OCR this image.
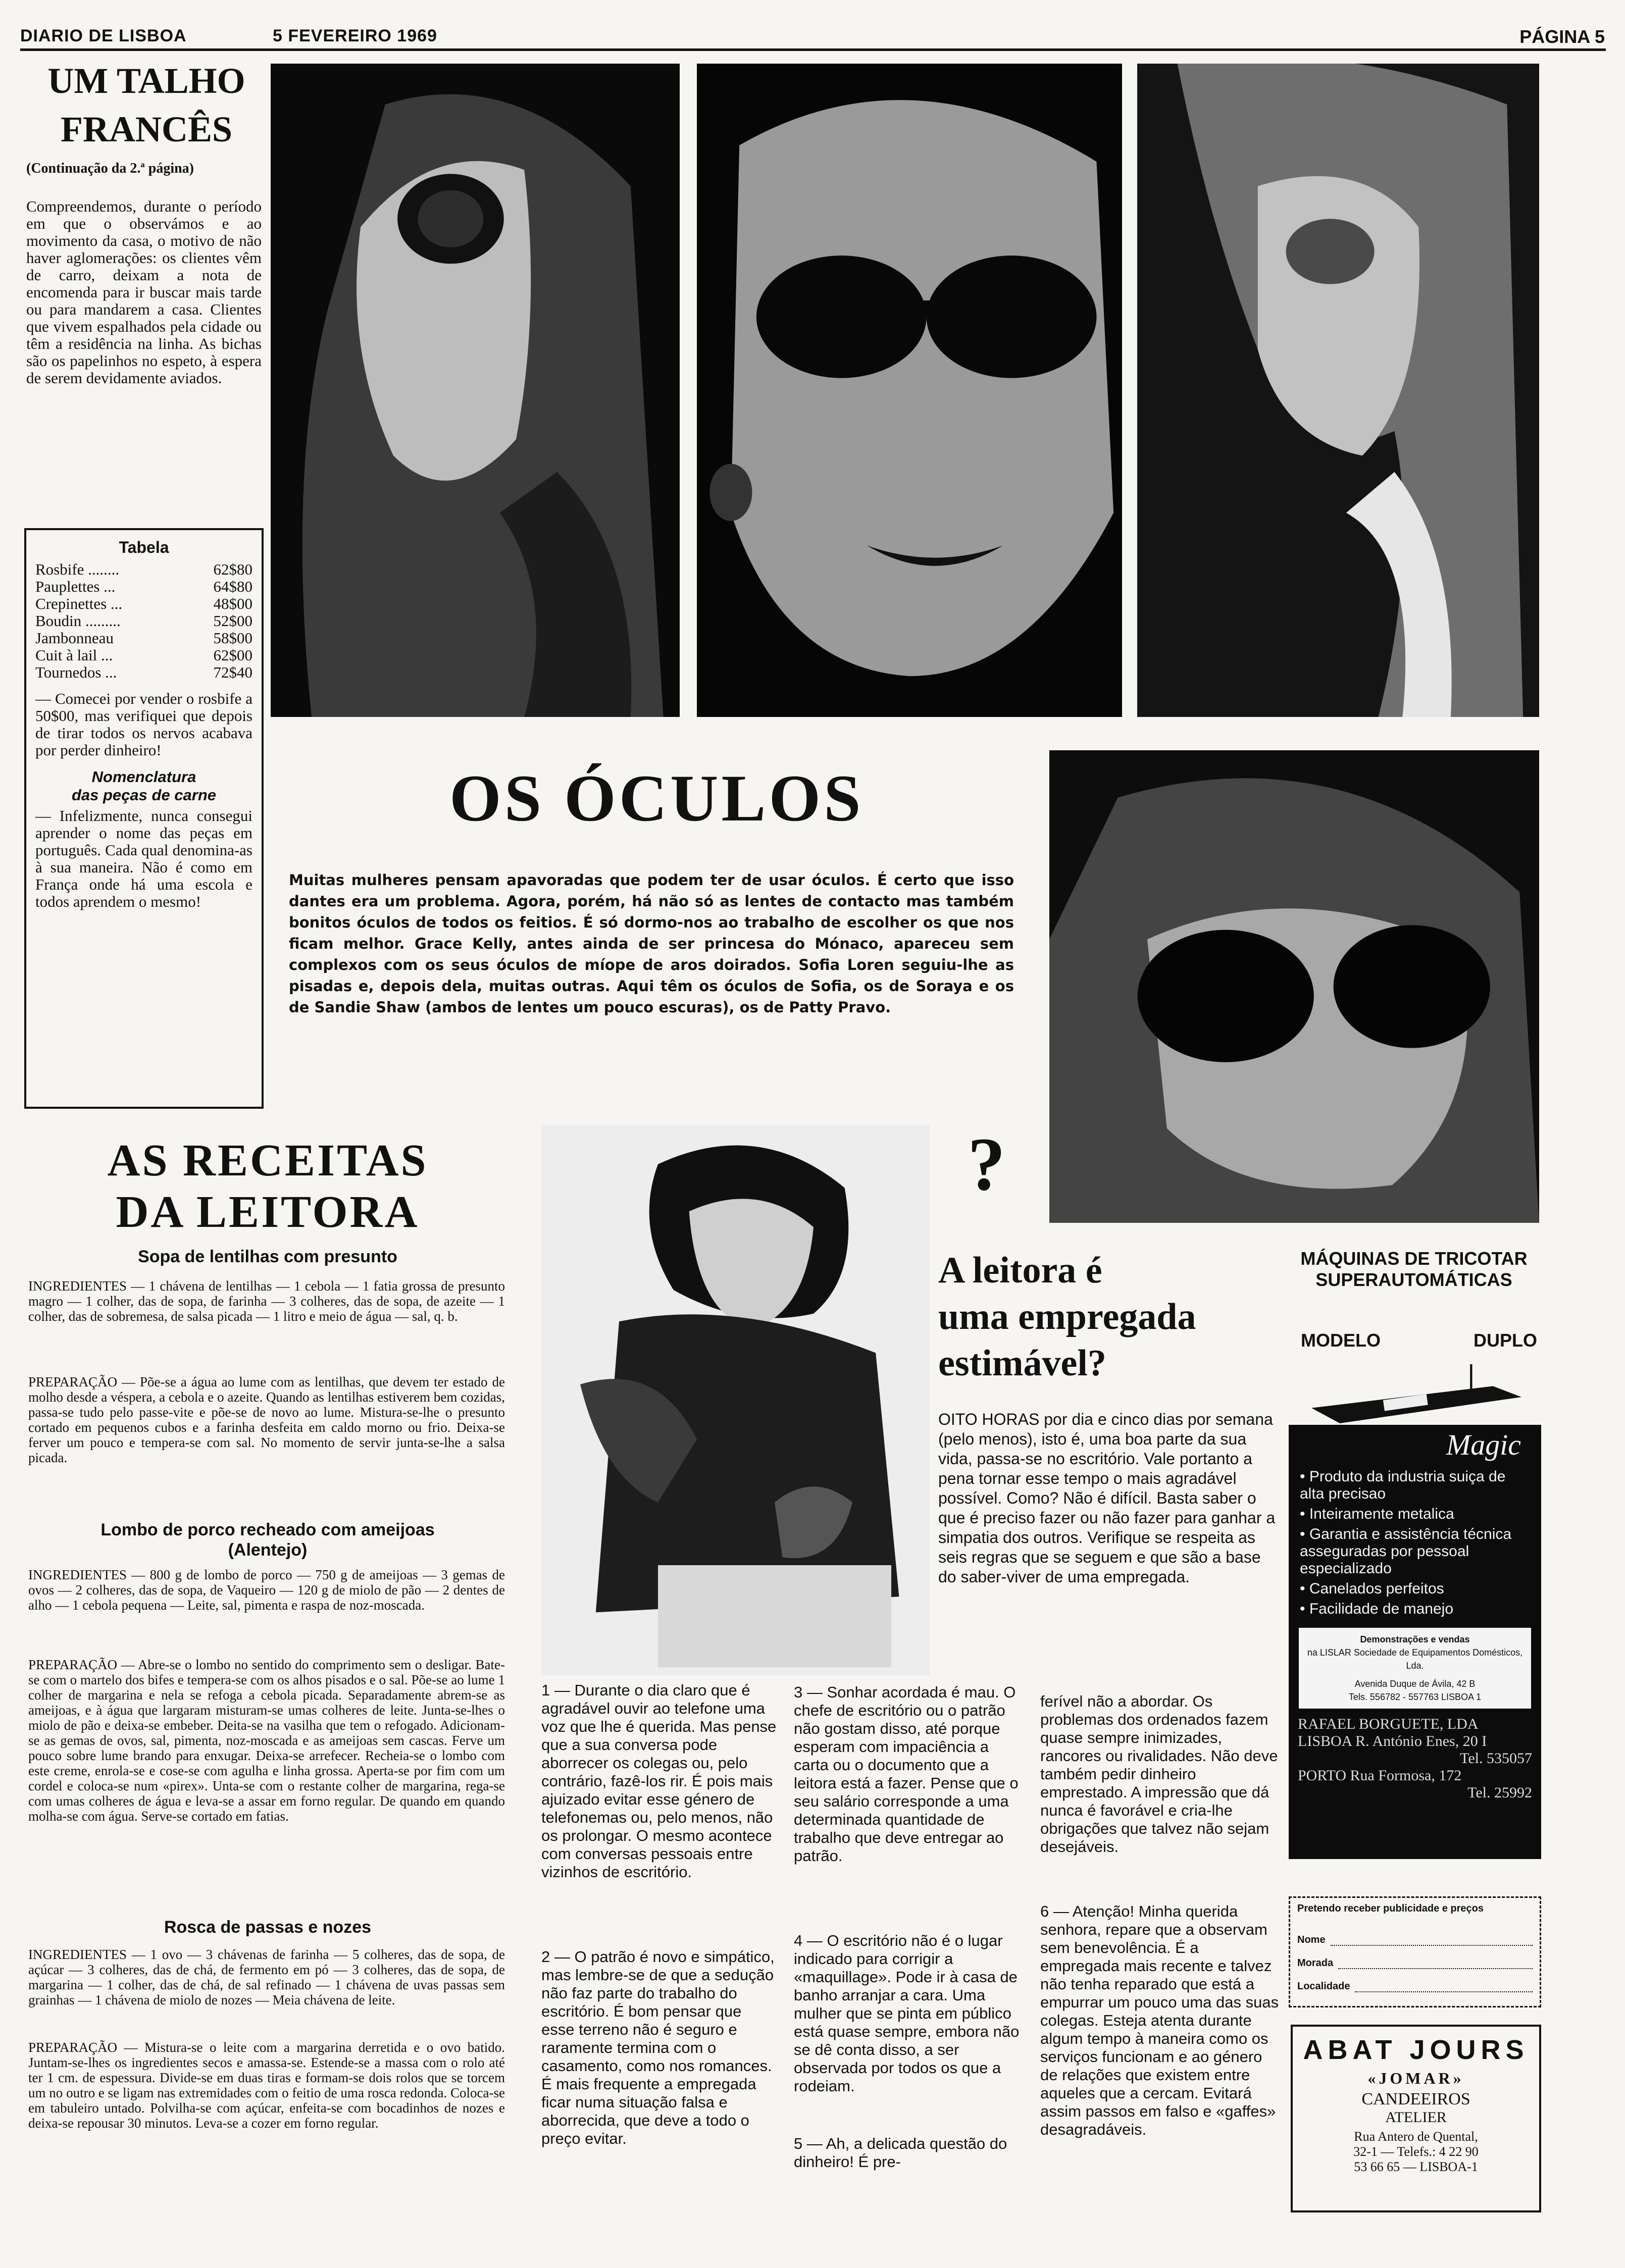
DIARIO DE LISBOA	5 FEVEREIRO 1969	PÁGINA 5
UM TALHO
FRANCÊS
(Continuação da 2.ª página)
Compreendemos, durante o período em que o observámos e ao movimento da casa, o motivo de não haver aglomerações: os clientes vêm de carro, deixam a nota de encomenda para ir buscar mais tarde ou para mandarem a casa. Clientes que vivem espalhados pela cidade ou têm a residência na linha. As bichas são os papelinhos no espeto, à espera de serem devidamente aviados.
Tabela
Rosbife ........	62$80
Pauplettes ...	64$80
Crepinettes ...	48$00
Boudin .........	52$00
Jambonneau	58$00
Cuit à lail ...	62$00
Tournedos ...	72$40
— Comecei por vender o rosbife a 50$00, mas verifiquei que depois de tirar todos os nervos acabava por perder dinheiro!
Nomenclatura
das peças de carne
— Infelizmente, nunca consegui aprender o nome das peças em português. Cada qual denomina-as à sua maneira. Não é como em França onde há uma escola e todos aprendem o mesmo!
OS ÓCULOS
Muitas mulheres pensam apavoradas que podem ter de usar óculos. É certo que isso dantes era um problema. Agora, porém, há não só as lentes de contacto mas também bonitos óculos de todos os feitios. É só dormo-nos ao trabalho de escolher os que nos ficam melhor. Grace Kelly, antes ainda de ser princesa do Mónaco, apareceu sem complexos com os seus óculos de míope de aros doirados. Sofia Loren seguiu-lhe as pisadas e, depois dela, muitas outras. Aqui têm os óculos de Sofia, os de Soraya e os de Sandie Shaw (ambos de lentes um pouco escuras), os de Patty Pravo.
AS RECEITAS
DA LEITORA
Sopa de lentilhas com presunto
INGREDIENTES — 1 chávena de lentilhas — 1 cebola — 1 fatia grossa de presunto magro — 1 colher, das de sopa, de farinha — 3 colheres, das de sopa, de azeite — 1 colher, das de sobremesa, de salsa picada — 1 litro e meio de água — sal, q. b.
PREPARAÇÃO — Põe-se a água ao lume com as lentilhas, que devem ter estado de molho desde a véspera, a cebola e o azeite. Quando as lentilhas estiverem bem cozidas, passa-se tudo pelo passe-vite e põe-se de novo ao lume. Mistura-se-lhe o presunto cortado em pequenos cubos e a farinha desfeita em caldo morno ou frio. Deixa-se ferver um pouco e tempera-se com sal. No momento de servir junta-se-lhe a salsa picada.
Lombo de porco recheado com ameijoas
(Alentejo)
INGREDIENTES — 800 g de lombo de porco — 750 g de ameijoas — 3 gemas de ovos — 2 colheres, das de sopa, de Vaqueiro — 120 g de miolo de pão — 2 dentes de alho — 1 cebola pequena — Leite, sal, pimenta e raspa de noz-moscada.
PREPARAÇÃO — Abre-se o lombo no sentido do comprimento sem o desligar. Bate-se com o martelo dos bifes e tempera-se com os alhos pisados e o sal. Põe-se ao lume 1 colher de margarina e nela se refoga a cebola picada. Separadamente abrem-se as ameijoas, e à água que largaram misturam-se umas colheres de leite. Junta-se-lhes o miolo de pão e deixa-se embeber. Deita-se na vasilha que tem o refogado. Adicionam-se as gemas de ovos, sal, pimenta, noz-moscada e as ameijoas sem cascas. Ferve um pouco sobre lume brando para enxugar. Deixa-se arrefecer. Recheia-se o lombo com este creme, enrola-se e cose-se com agulha e linha grossa. Aperta-se por fim com um cordel e coloca-se num «pirex». Unta-se com o restante colher de margarina, rega-se com umas colheres de água e leva-se a assar em forno regular. De quando em quando molha-se com água. Serve-se cortado em fatias.
Rosca de passas e nozes
INGREDIENTES — 1 ovo — 3 chávenas de farinha — 5 colheres, das de sopa, de açúcar — 3 colheres, das de chá, de fermento em pó — 3 colheres, das de sopa, de margarina — 1 colher, das de chá, de sal refinado — 1 chávena de uvas passas sem grainhas — 1 chávena de miolo de nozes — Meia chávena de leite.
PREPARAÇÃO — Mistura-se o leite com a margarina derretida e o ovo batido. Juntam-se-lhes os ingredientes secos e amassa-se. Estende-se a massa com o rolo até ter 1 cm. de espessura. Divide-se em duas tiras e formam-se dois rolos que se torcem um no outro e se ligam nas extremidades com o feitio de uma rosca redonda. Coloca-se em tabuleiro untado. Polvilha-se com açúcar, enfeita-se com bocadinhos de nozes e deixa-se repousar 30 minutos. Leva-se a cozer em forno regular.
?
A leitora é
uma empregada
estimável?
OITO HORAS por dia e cinco dias por semana (pelo menos), isto é, uma boa parte da sua vida, passa-se no escritório. Vale portanto a pena tornar esse tempo o mais agradável possível. Como? Não é difícil. Basta saber o que é preciso fazer ou não fazer para ganhar a simpatia dos outros. Verifique se respeita as seis regras que se seguem e que são a base do saber-viver de uma empregada.
1 — Durante o dia claro que é agradável ouvir ao telefone uma voz que lhe é querida. Mas pense que a sua conversa pode aborrecer os colegas ou, pelo contrário, fazê-los rir. É pois mais ajuizado evitar esse género de telefonemas ou, pelo menos, não os prolongar. O mesmo acontece com conversas pessoais entre vizinhos de escritório.
2 — O patrão é novo e simpático, mas lembre-se de que a sedução não faz parte do trabalho do escritório. É bom pensar que esse terreno não é seguro e raramente termina com o casamento, como nos romances. É mais frequente a empregada ficar numa situação falsa e aborrecida, que deve a todo o preço evitar.
3 — Sonhar acordada é mau. O chefe de escritório ou o patrão não gostam disso, até porque esperam com impaciência a carta ou o documento que a leitora está a fazer. Pense que o seu salário corresponde a uma determinada quantidade de trabalho que deve entregar ao patrão.
4 — O escritório não é o lugar indicado para corrigir a «maquillage». Pode ir à casa de banho arranjar a cara. Uma mulher que se pinta em público está quase sempre, embora não se dê conta disso, a ser observada por todos os que a rodeiam.
5 — Ah, a delicada questão do dinheiro! É pre-
ferível não a abordar. Os problemas dos ordenados fazem quase sempre inimizades, rancores ou rivalidades. Não deve também pedir dinheiro emprestado. A impressão que dá nunca é favorável e cria-lhe obrigações que talvez não sejam desejáveis.
6 — Atenção! Minha querida senhora, repare que a observam sem benevolência. É a empregada mais recente e talvez não tenha reparado que está a empurrar um pouco uma das suas colegas. Esteja atenta durante algum tempo à maneira como os serviços funcionam e ao género de relações que existem entre aqueles que a cercam. Evitará assim passos em falso e «gaffes» desagradáveis.
MÁQUINAS DE TRICOTAR
SUPERAUTOMÁTICAS
MODELO	DUPLO
Magic
• Produto da industria suiça de alta precisao
• Inteiramente metalica
• Garantia e assistência técnica asseguradas por pessoal especializado
• Canelados perfeitos
• Facilidade de manejo
Demonstrações e vendas
na LISLAR Sociedade de Equipamentos Domésticos, Lda.
Avenida Duque de Ávila, 42 B
Tels. 556782 - 557763 LISBOA 1
RAFAEL BORGUETE, LDA
LISBOA R. António Enes, 20 I
Tel. 535057
PORTO Rua Formosa, 172
Tel. 25992
Pretendo receber publicidade e preços
Nome
Morada
Localidade
ABAT JOURS
«JOMAR»
CANDEEIROS
ATELIER
Rua Antero de Quental,
32-1 — Telefs.: 4 22 90
53 66 65 — LISBOA-1
